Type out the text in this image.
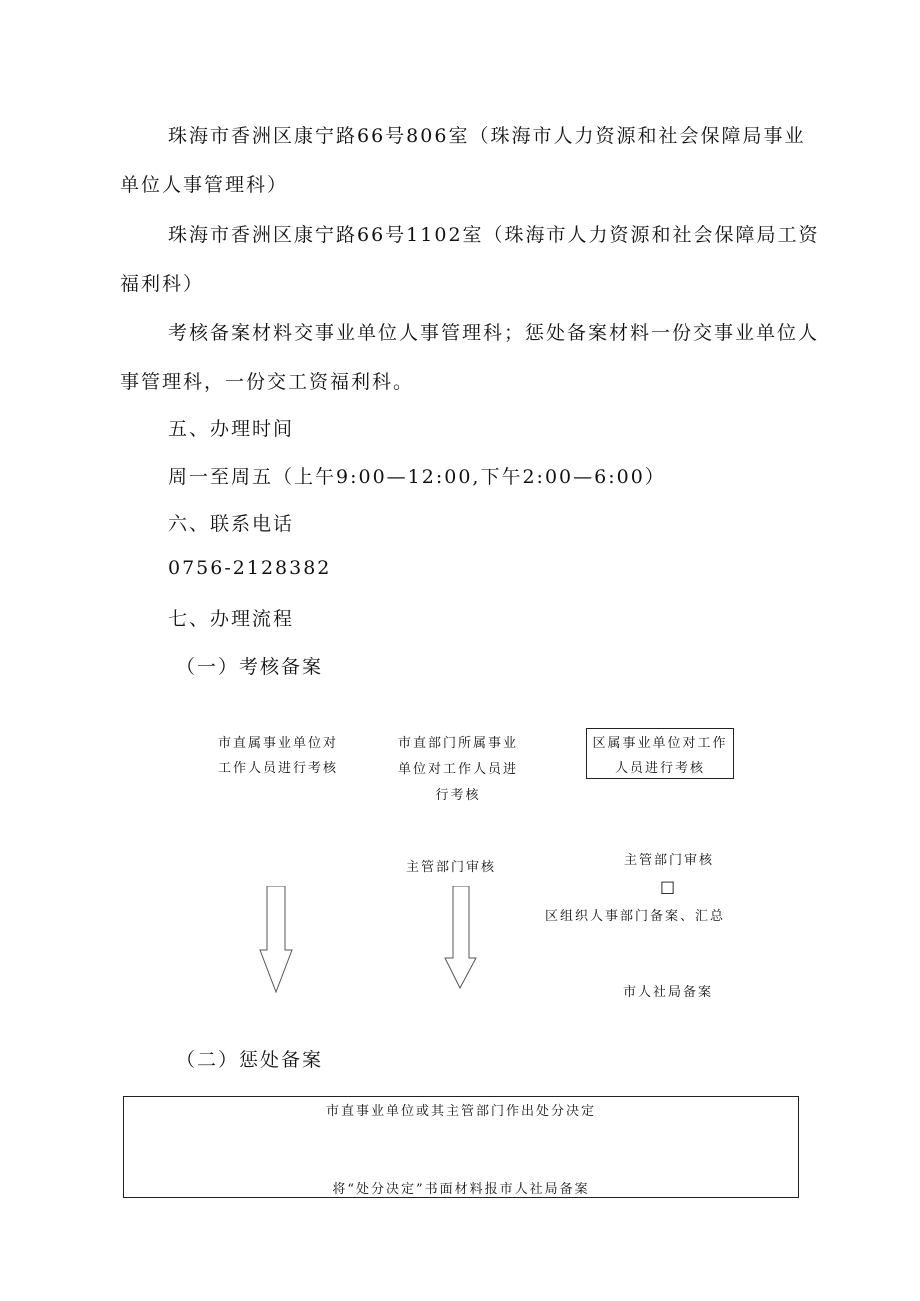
珠海市香洲区康宁路66号806室（珠海市人力资源和社会保障局事业
单位人事管理科）
珠海市香洲区康宁路66号1102室（珠海市人力资源和社会保障局工资
福利科）
考核备案材料交事业单位人事管理科；惩处备案材料一份交事业单位人
事管理科，一份交工资福利科。
五、办理时间
周一至周五（上午9:00—12:00,下午2:00—6:00）
六、联系电话
0756-2128382
七、办理流程
（一）考核备案
市直属事业单位对
工作人员进行考核
市直部门所属事业
单位对工作人员进
行考核
主管部门审核
区属事业单位对工作
人员进行考核
主管部门审核
□
区组织人事部门备案、汇总
市人社局备案
（二）惩处备案
市直事业单位或其主管部门作出处分决定
将“处分决定”书面材料报市人社局备案
